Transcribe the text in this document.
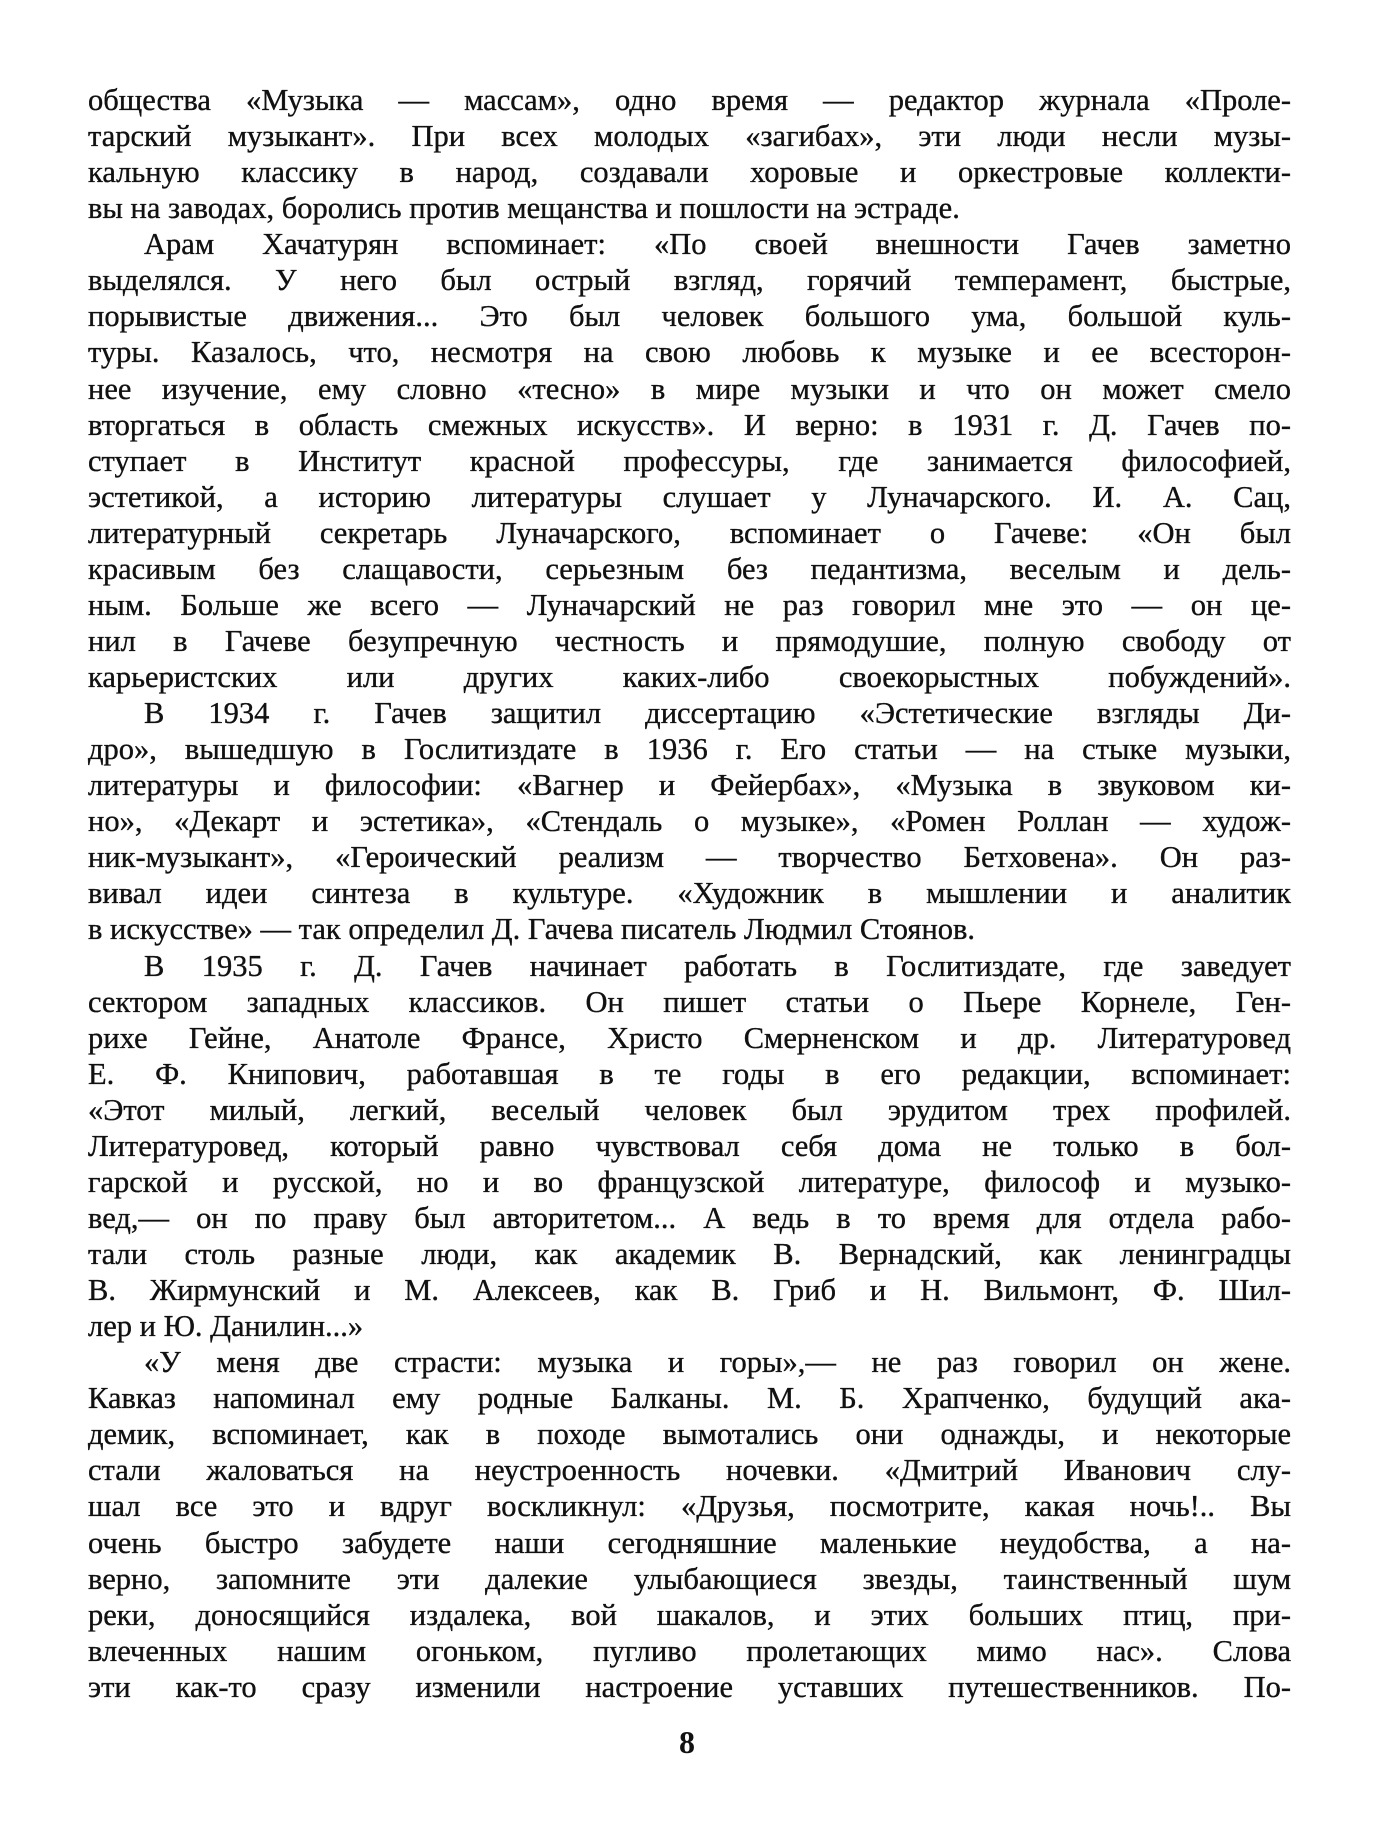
общества «Музыка — массам», одно время — редактор журнала «Проле-
тарский музыкант». При всех молодых «загибах», эти люди несли музы-
кальную классику в народ, создавали хоровые и оркестровые коллекти-
вы на заводах, боролись против мещанства и пошлости на эстраде.
Арам Хачатурян вспоминает: «По своей внешности Гачев заметно
выделялся. У него был острый взгляд, горячий темперамент, быстрые,
порывистые движения... Это был человек большого ума, большой куль-
туры. Казалось, что, несмотря на свою любовь к музыке и ее всесторон-
нее изучение, ему словно «тесно» в мире музыки и что он может смело
вторгаться в область смежных искусств». И верно: в 1931 г. Д. Гачев по-
ступает в Институт красной профессуры, где занимается философией,
эстетикой, а историю литературы слушает у Луначарского. И. А. Сац,
литературный секретарь Луначарского, вспоминает о Гачеве: «Он был
красивым без слащавости, серьезным без педантизма, веселым и дель-
ным. Больше же всего — Луначарский не раз говорил мне это — он це-
нил в Гачеве безупречную честность и прямодушие, полную свободу от
карьеристских или других каких-либо своекорыстных побуждений».
В 1934 г. Гачев защитил диссертацию «Эстетические взгляды Ди-
дро», вышедшую в Гослитиздате в 1936 г. Его статьи — на стыке музыки,
литературы и философии: «Вагнер и Фейербах», «Музыка в звуковом ки-
но», «Декарт и эстетика», «Стендаль о музыке», «Ромен Роллан — худож-
ник-музыкант», «Героический реализм — творчество Бетховена». Он раз-
вивал идеи синтеза в культуре. «Художник в мышлении и аналитик
в искусстве» — так определил Д. Гачева писатель Людмил Стоянов.
В 1935 г. Д. Гачев начинает работать в Гослитиздате, где заведует
сектором западных классиков. Он пишет статьи о Пьере Корнеле, Ген-
рихе Гейне, Анатоле Франсе, Христо Смерненском и др. Литературовед
Е. Ф. Книпович, работавшая в те годы в его редакции, вспоминает:
«Этот милый, легкий, веселый человек был эрудитом трех профилей.
Литературовед, который равно чувствовал себя дома не только в бол-
гарской и русской, но и во французской литературе, философ и музыко-
вед,— он по праву был авторитетом... А ведь в то время для отдела рабо-
тали столь разные люди, как академик В. Вернадский, как ленинградцы
В. Жирмунский и М. Алексеев, как В. Гриб и Н. Вильмонт, Ф. Шил-
лер и Ю. Данилин...»
«У меня две страсти: музыка и горы»,— не раз говорил он жене.
Кавказ напоминал ему родные Балканы. М. Б. Храпченко, будущий ака-
демик, вспоминает, как в походе вымотались они однажды, и некоторые
стали жаловаться на неустроенность ночевки. «Дмитрий Иванович слу-
шал все это и вдруг воскликнул: «Друзья, посмотрите, какая ночь!.. Вы
очень быстро забудете наши сегодняшние маленькие неудобства, а на-
верно, запомните эти далекие улыбающиеся звезды, таинственный шум
реки, доносящийся издалека, вой шакалов, и этих больших птиц, при-
влеченных нашим огоньком, пугливо пролетающих мимо нас». Слова
эти как-то сразу изменили настроение уставших путешественников. По-
8
